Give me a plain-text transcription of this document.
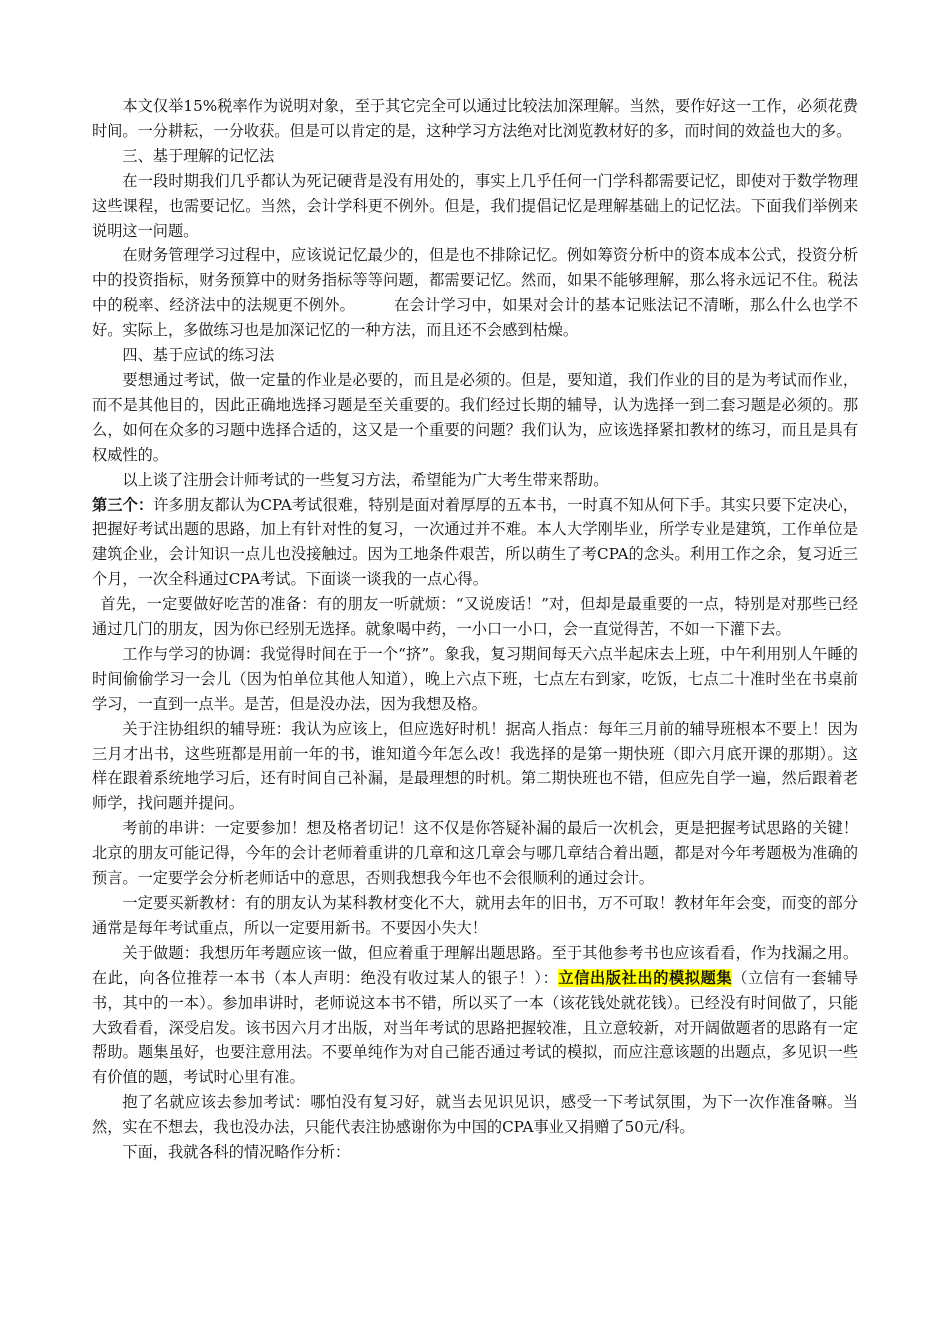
本文仅举15%税率作为说明对象，至于其它完全可以通过比较法加深理解。当然，要作好这一工作，必须花费时间。一分耕耘，一分收获。但是可以肯定的是，这种学习方法绝对比浏览教材好的多，而时间的效益也大的多。

三、基于理解的记忆法

在一段时期我们几乎都认为死记硬背是没有用处的，事实上几乎任何一门学科都需要记忆，即使对于数学物理这些课程，也需要记忆。当然，会计学科更不例外。但是，我们提倡记忆是理解基础上的记忆法。下面我们举例来说明这一问题。

在财务管理学习过程中，应该说记忆最少的，但是也不排除记忆。例如筹资分析中的资本成本公式，投资分析中的投资指标，财务预算中的财务指标等等问题，都需要记忆。然而，如果不能够理解，那么将永远记不住。税法中的税率、经济法中的法规更不例外。　　　在会计学习中，如果对会计的基本记账法记不清晰，那么什么也学不好。实际上，多做练习也是加深记忆的一种方法，而且还不会感到枯燥。

四、基于应试的练习法

要想通过考试，做一定量的作业是必要的，而且是必须的。但是，要知道，我们作业的目的是为考试而作业，而不是其他目的，因此正确地选择习题是至关重要的。我们经过长期的辅导，认为选择一到二套习题是必须的。那么，如何在众多的习题中选择合适的，这又是一个重要的问题？我们认为，应该选择紧扣教材的练习，而且是具有权威性的。

以上谈了注册会计师考试的一些复习方法，希望能为广大考生带来帮助。

第三个：许多朋友都认为CPA考试很难，特别是面对着厚厚的五本书，一时真不知从何下手。其实只要下定决心，把握好考试出题的思路，加上有针对性的复习，一次通过并不难。本人大学刚毕业，所学专业是建筑，工作单位是建筑企业，会计知识一点儿也没接触过。因为工地条件艰苦，所以萌生了考CPA的念头。利用工作之余，复习近三个月，一次全科通过CPA考试。下面谈一谈我的一点心得。

首先，一定要做好吃苦的准备：有的朋友一听就烦：“又说废话！”对，但却是最重要的一点，特别是对那些已经通过几门的朋友，因为你已经别无选择。就象喝中药，一小口一小口，会一直觉得苦，不如一下灌下去。

工作与学习的协调：我觉得时间在于一个“挤”。象我，复习期间每天六点半起床去上班，中午利用别人午睡的时间偷偷学习一会儿（因为怕单位其他人知道），晚上六点下班，七点左右到家，吃饭，七点二十准时坐在书桌前学习，一直到一点半。是苦，但是没办法，因为我想及格。

关于注协组织的辅导班：我认为应该上，但应选好时机！据高人指点：每年三月前的辅导班根本不要上！因为三月才出书，这些班都是用前一年的书，谁知道今年怎么改！我选择的是第一期快班（即六月底开课的那期）。这样在跟着系统地学习后，还有时间自己补漏，是最理想的时机。第二期快班也不错，但应先自学一遍，然后跟着老师学，找问题并提问。

考前的串讲：一定要参加！想及格者切记！这不仅是你答疑补漏的最后一次机会，更是把握考试思路的关键！北京的朋友可能记得，今年的会计老师着重讲的几章和这几章会与哪几章结合着出题，都是对今年考题极为准确的预言。一定要学会分析老师话中的意思，否则我想我今年也不会很顺利的通过会计。

一定要买新教材：有的朋友认为某科教材变化不大，就用去年的旧书，万不可取！教材年年会变，而变的部分通常是每年考试重点，所以一定要用新书。不要因小失大！

关于做题：我想历年考题应该一做，但应着重于理解出题思路。至于其他参考书也应该看看，作为找漏之用。在此，向各位推荐一本书（本人声明：绝没有收过某人的银子！）：立信出版社出的模拟题集（立信有一套辅导书，其中的一本）。参加串讲时，老师说这本书不错，所以买了一本（该花钱处就花钱）。已经没有时间做了，只能大致看看，深受启发。该书因六月才出版，对当年考试的思路把握较准，且立意较新，对开阔做题者的思路有一定帮助。题集虽好，也要注意用法。不要单纯作为对自己能否通过考试的模拟，而应注意该题的出题点，多见识一些有价值的题，考试时心里有准。

抱了名就应该去参加考试：哪怕没有复习好，就当去见识见识，感受一下考试氛围，为下一次作准备嘛。当然，实在不想去，我也没办法，只能代表注协感谢你为中国的CPA事业又捐赠了50元/科。

下面，我就各科的情况略作分析：
